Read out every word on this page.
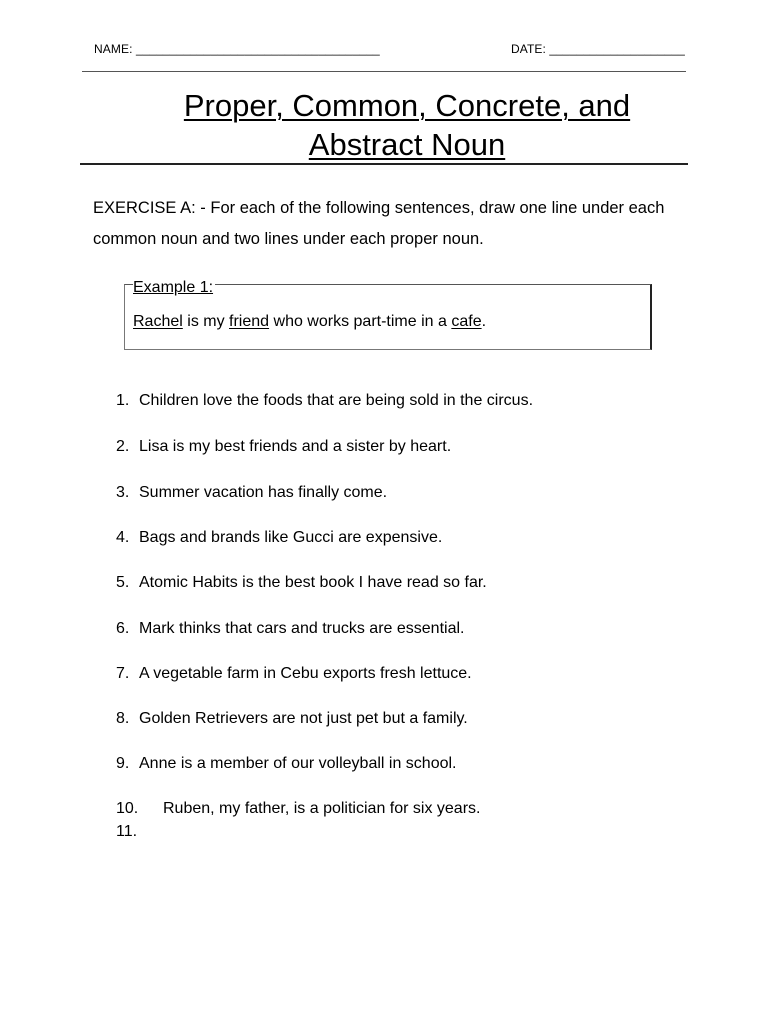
NAME: ____________________________________	DATE: ____________________
Proper, Common, Concrete, and
Abstract Noun
EXERCISE A: - For each of the following sentences, draw one line under each common noun and two lines under each proper noun.
Example 1:
Rachel is my friend who works part-time in a cafe.
1. Children love the foods that are being sold in the circus.
2. Lisa is my best friends and a sister by heart.
3. Summer vacation has finally come.
4. Bags and brands like Gucci are expensive.
5. Atomic Habits is the best book I have read so far.
6. Mark thinks that cars and trucks are essential.
7. A vegetable farm in Cebu exports fresh lettuce.
8. Golden Retrievers are not just pet but a family.
9. Anne is a member of our volleyball in school.
10. Ruben, my father, is a politician for six years.
11.
